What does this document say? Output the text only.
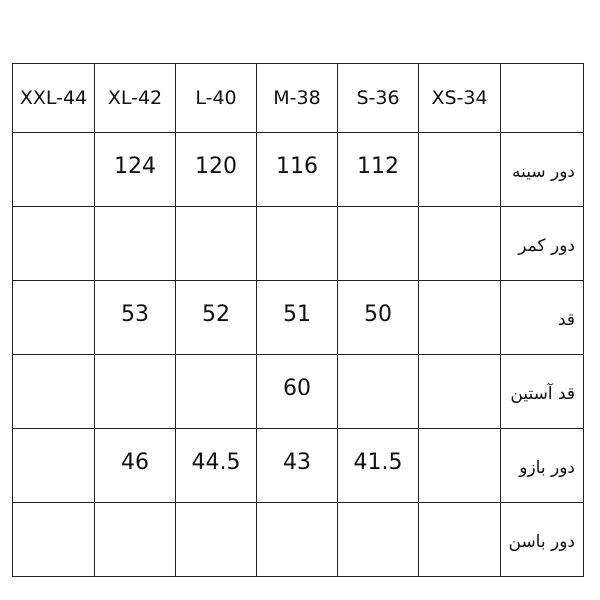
XXL-44	XL-42	L-40	M-38	S-36	XS-34	
	124	120	116	112		دور سینه
						دور کمر
	53	52	51	50		قد
			60			قد آستین
	46	44.5	43	41.5		دور بازو
						دور باسن
